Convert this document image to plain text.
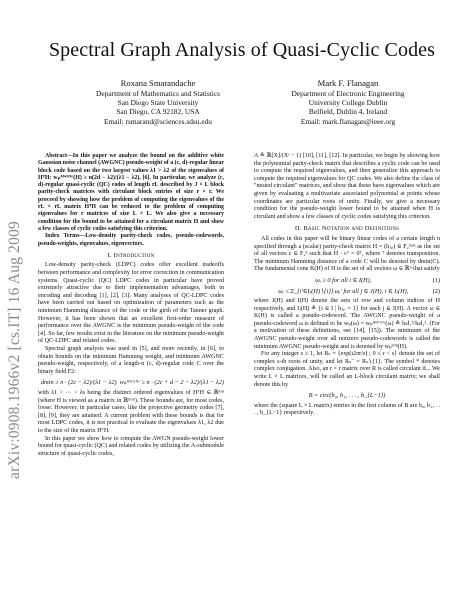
arXiv:0908.1966v2 [cs.IT] 16 Aug 2009
Spectral Graph Analysis of Quasi-Cyclic Codes
Roxana Smarandache
Department of Mathematics and Statistics
San Diego State University
San Diego, CA 92182, USA
Email: rsmarand@sciences.sdsu.edu
Mark F. Flanagan
Department of Electronic Engineering
University College Dublin
Belfield, Dublin 4, Ireland
Email: mark.flanagan@ieee.org

Abstract—In this paper we analyze the bound on the additive white Gaussian noise channel (AWGNC) pseudo-weight of a (c, d)-regular linear block code based on the two largest values λ1 > λ2 of the eigenvalues of HᵀH: wₚᴬᵂᴳᴺᶜ(H) ≥ n(2d − λ2)/(λ1 − λ2), [6]. In particular, we analyze (c, d)-regular quasi-cyclic (QC) codes of length rL described by J × L block parity-check matrices with circulant block entries of size r × r. We proceed by showing how the problem of computing the eigenvalues of the rL × rL matrix HᵀH can be reduced to the problem of computing eigenvalues for r matrices of size L × L. We also give a necessary condition for the bound to be attained for a circulant matrix H and show a few classes of cyclic codes satisfying this criterion.

Index Terms—Low-density parity-check codes, pseudo-codewords, pseudo-weights, eigenvalues, eigenvectors.

I. Introduction

Low-density parity-check (LDPC) codes offer excellent tradeoffs between performance and complexity for error correction in communication systems. Quasi-cyclic (QC) LDPC codes in particular have proved extremely attractive due to their implementation advantages, both in encoding and decoding [1], [2], [3]. Many analyses of QC-LDPC codes have been carried out based on optimization of parameters such as the minimum Hamming distance of the code or the girth of the Tanner graph. However, it has been shown that an excellent first-order measure of performance over the AWGNC is the minimum pseudo-weight of the code [4]. So far, few results exist in the literature on the minimum pseudo-weight of QC-LDPC and related codes.

Spectral graph analysis was used in [5], and more recently, in [6], to obtain bounds on the minimum Hamming weight, and minimum AWGNC pseudo-weight, respectively, of a length-n (c, d)-regular code C over the binary field F2:

dmin ≥ n · (2c − λ2)/(λ1 − λ2) wₚᴬᵂᴳᴺᶜ ≥ n · (2c + d − 2 − λ2)/(λ1 − λ2)

with λ1 > ··· > λs being the distinct ordered eigenvalues of HᵀH ∈ ℝⁿˣⁿ (where H is viewed as a matrix in ℝᵐˣⁿ). These bounds are, for most codes, loose. However, in particular cases, like the projective geometry codes [7], [8], [9], they are attained. A current problem with these bounds is that for most LDPC codes, it is not practical to evaluate the eigenvalues λ1, λ2 due to the size of the matrix HᵀH.

In this paper we show how to compute the AWGN pseudo-weight lower bound for quasi-cyclic (QC) and related codes by utilizing the A-submodule structure of quasi-cyclic codes,

A ≜ ℝ[X]/(Xʳ − 1) [10], [11], [12]. In particular, we begin by showing how the polynomial parity-check matrix that describes a cyclic code can be used to compute the required eigenvalues, and then generalize this approach to compute the required eigenvalues for QC codes. We also define the class of "nested circulant" matrices, and show that these have eigenvalues which are given by evaluating a multivariate associated polynomial at points whose coordinates are particular roots of unity. Finally, we give a necessary condition for the pseudo-weight lower bound to be attained when H is circulant and show a few classes of cyclic codes satisfying this criterion.

II. Basic Notation and Definitions

All codes in this paper will be binary linear codes of a certain length n specified through a (scalar) parity-check matrix H = (hⱼ,ᵢ) ∈ F₂ᵐˣⁿ as the set of all vectors c ∈ F₂ⁿ such that H · cᵀ = 0ᵀ, where ᵀ denotes transposition. The minimum Hamming distance of a code C will be denoted by dmin(C). The fundamental cone K(H) of H is the set of all vectors ω ∈ ℝⁿ that satisfy

ωᵢ ≥ 0 for all i ∈ I(H),	(1)
ωᵢ ≤ Σ_{i′∈Iⱼ(H)∖{i}} ωᵢ′ for all j ∈ J(H), i ∈ Iⱼ(H),	(2)

where J(H) and I(H) denote the sets of row and column indices of H respectively, and Iⱼ(H) ≜ {i ∈ I | hⱼ,ᵢ = 1} for each j ∈ J(H). A vector ω ∈ K(H) is called a pseudo-codeword. The AWGNC pseudo-weight of a pseudo-codeword ω is defined to be wₚ(ω) = wₚᴬᵂᴳᴺᶜ(ω) ≜ ‖ω‖₁²/‖ω‖₂². (For a motivation of these definitions, see [14], [15]). The minimum of the AWGNC pseudo-weight over all nonzero pseudo-codewords is called the minimum AWGNC pseudo-weight and is denoted by wₚᵐⁱⁿ(H).

For any integer s ≥ 1, let Rₛ = {exp(ı2πr/s) ; 0 ≤ r < s} denote the set of complex s-th roots of unity, and let Rₛ⁻ = Rₛ∖{1}. The symbol * denotes complex conjugation. Also, an r × r matrix over R is called circulant if... We write L × L matrices, will be called an L-block circulant matrix; we shall denote this by

B = circ(b₀, b₁, . . . , b_{L−1})

where the (square L × L matrix) entries in the first column of B are b₀, b₁, . . . , b_{L−1} respectively.
